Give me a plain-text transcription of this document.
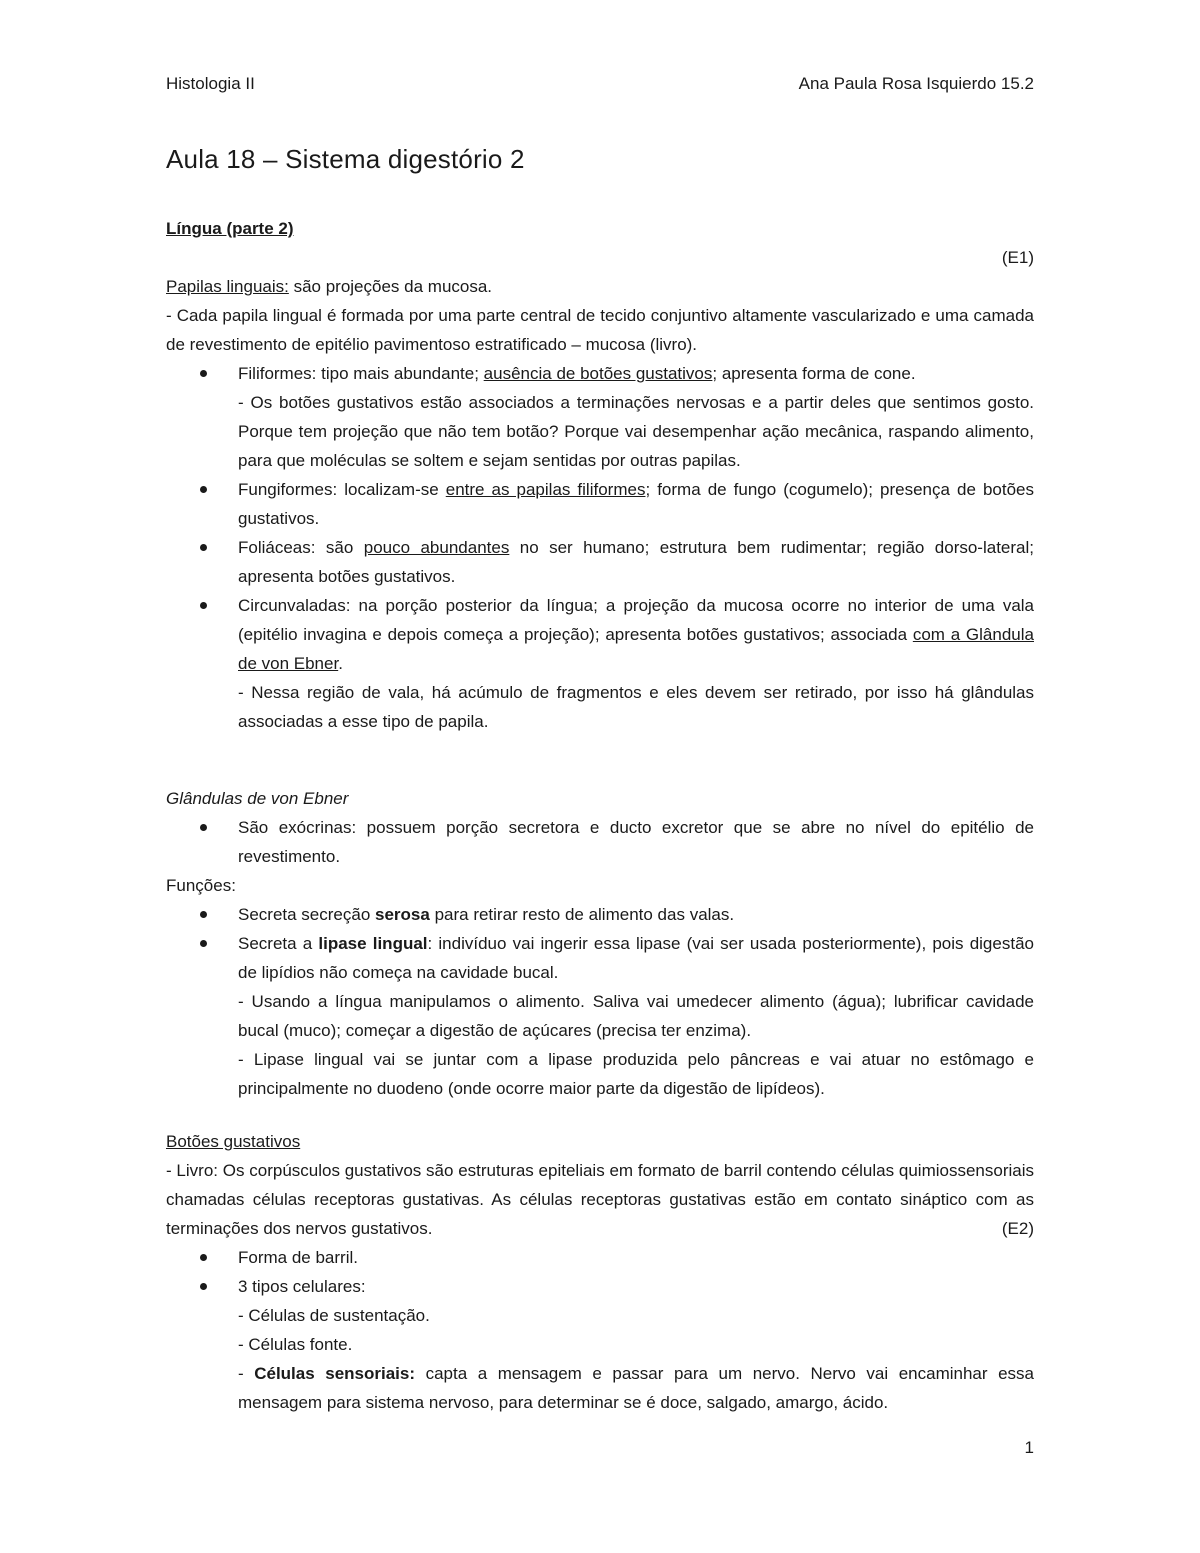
Histologia II	Ana Paula Rosa Isquierdo 15.2
Aula 18 – Sistema digestório 2
Língua (parte 2)
(E1)
Papilas linguais: são projeções da mucosa.
- Cada papila lingual é formada por uma parte central de tecido conjuntivo altamente vascularizado e uma camada de revestimento de epitélio pavimentoso estratificado – mucosa (livro).
Filiformes: tipo mais abundante; ausência de botões gustativos; apresenta forma de cone.
- Os botões gustativos estão associados a terminações nervosas e a partir deles que sentimos gosto. Porque tem projeção que não tem botão? Porque vai desempenhar ação mecânica, raspando alimento, para que moléculas se soltem e sejam sentidas por outras papilas.
Fungiformes: localizam-se entre as papilas filiformes; forma de fungo (cogumelo); presença de botões gustativos.
Foliáceas: são pouco abundantes no ser humano; estrutura bem rudimentar; região dorso-lateral; apresenta botões gustativos.
Circunvaladas: na porção posterior da língua; a projeção da mucosa ocorre no interior de uma vala (epitélio invagina e depois começa a projeção); apresenta botões gustativos; associada com a Glândula de von Ebner.
- Nessa região de vala, há acúmulo de fragmentos e eles devem ser retirado, por isso há glândulas associadas a esse tipo de papila.
Glândulas de von Ebner
São exócrinas: possuem porção secretora e ducto excretor que se abre no nível do epitélio de revestimento.
Funções:
Secreta secreção serosa para retirar resto de alimento das valas.
Secreta a lipase lingual: indivíduo vai ingerir essa lipase (vai ser usada posteriormente), pois digestão de lipídios não começa na cavidade bucal.
- Usando a língua manipulamos o alimento. Saliva vai umedecer alimento (água); lubrificar cavidade bucal (muco); começar a digestão de açúcares (precisa ter enzima).
- Lipase lingual vai se juntar com a lipase produzida pelo pâncreas e vai atuar no estômago e principalmente no duodeno (onde ocorre maior parte da digestão de lipídeos).
Botões gustativos
- Livro: Os corpúsculos gustativos são estruturas epiteliais em formato de barril contendo células quimiossensoriais chamadas células receptoras gustativas. As células receptoras gustativas estão em contato sináptico com as terminações dos nervos gustativos.	(E2)
Forma de barril.
3 tipos celulares:
- Células de sustentação.
- Células fonte.
- Células sensoriais: capta a mensagem e passar para um nervo. Nervo vai encaminhar essa mensagem para sistema nervoso, para determinar se é doce, salgado, amargo, ácido.
1
